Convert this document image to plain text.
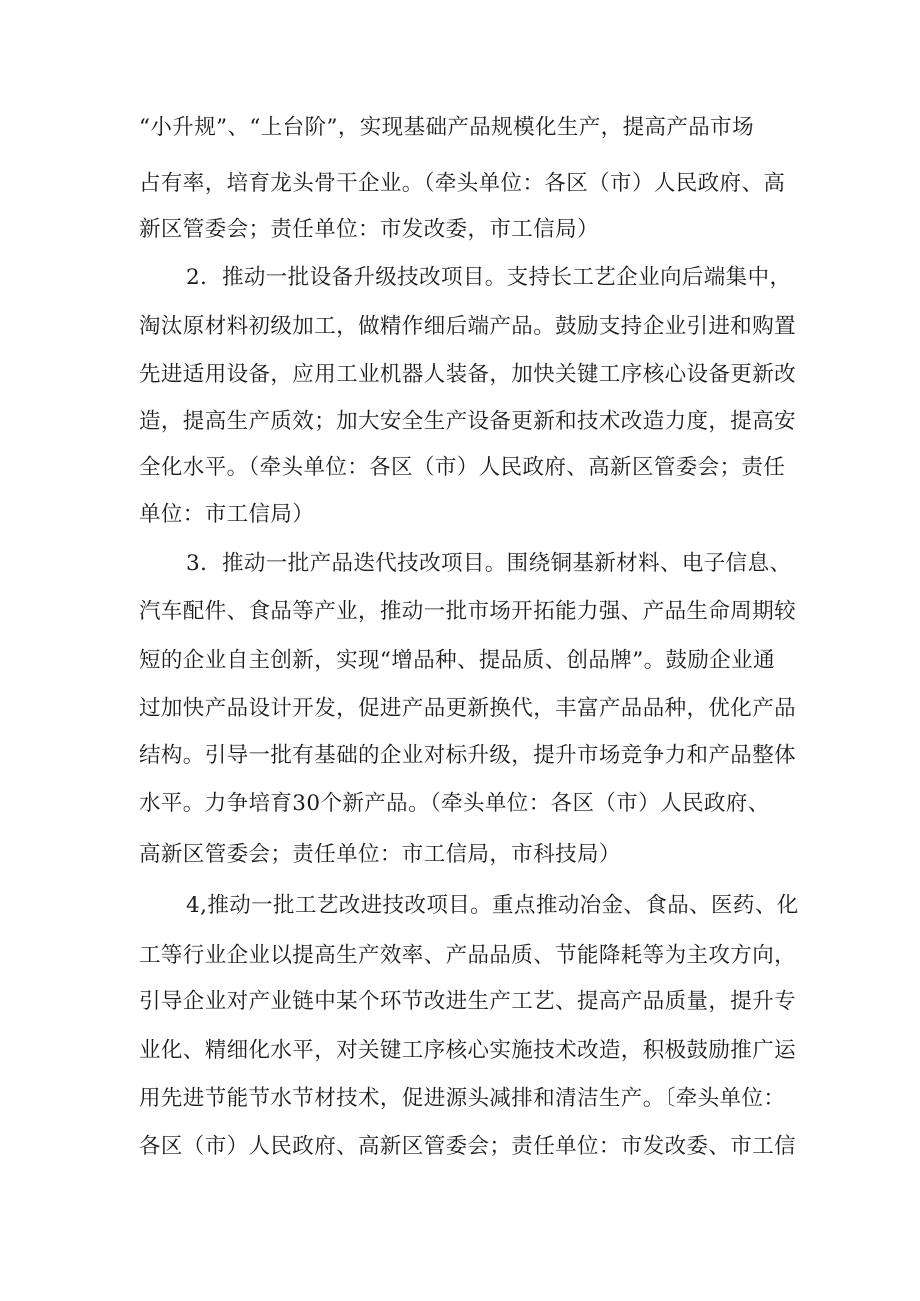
“小升规”、“上台阶”，实现基础产品规模化生产，提高产品市场
占有率，培育龙头骨干企业。（牵头单位：各区（市）人民政府、高
新区管委会；责任单位：市发改委，市工信局）
2．推动一批设备升级技改项目。支持长工艺企业向后端集中，
淘汰原材料初级加工，做精作细后端产品。鼓励支持企业引进和购置
先进适用设备，应用工业机器人装备，加快关键工序核心设备更新改
造，提高生产质效；加大安全生产设备更新和技术改造力度，提高安
全化水平。（牵头单位：各区（市）人民政府、高新区管委会；责任
单位：市工信局）
3．推动一批产品迭代技改项目。围绕铜基新材料、电子信息、
汽车配件、食品等产业，推动一批市场开拓能力强、产品生命周期较
短的企业自主创新，实现“增品种、提品质、创品牌”。鼓励企业通
过加快产品设计开发，促进产品更新换代，丰富产品品种，优化产品
结构。引导一批有基础的企业对标升级，提升市场竞争力和产品整体
水平。力争培育30个新产品。（牵头单位：各区（市）人民政府、
高新区管委会；责任单位：市工信局，市科技局）
4,推动一批工艺改进技改项目。重点推动冶金、食品、医药、化
工等行业企业以提高生产效率、产品品质、节能降耗等为主攻方向，
引导企业对产业链中某个环节改进生产工艺、提高产品质量，提升专
业化、精细化水平，对关键工序核心实施技术改造，积极鼓励推广运
用先进节能节水节材技术，促进源头减排和清洁生产。〔牵头单位：
各区（市）人民政府、高新区管委会；责任单位：市发改委、市工信
